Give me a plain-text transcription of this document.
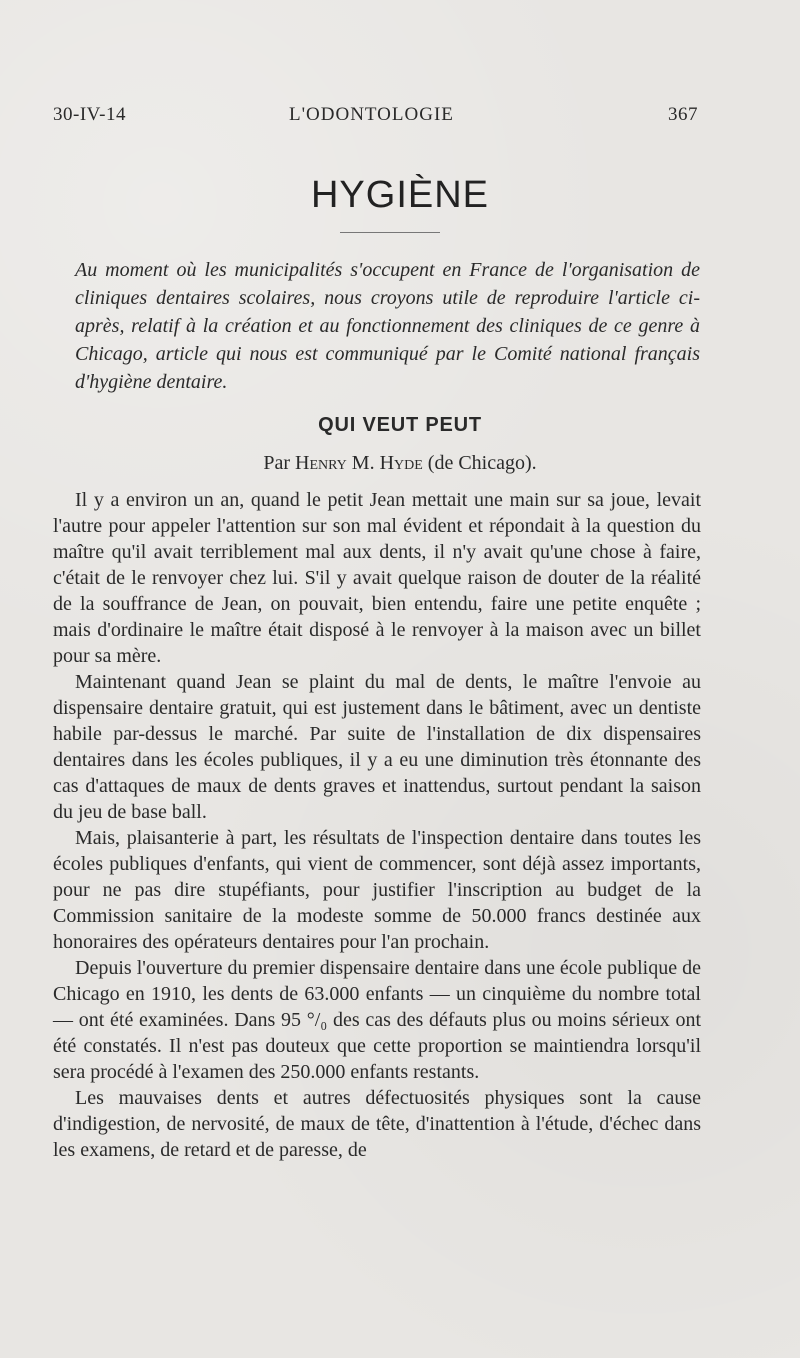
30-IV-14	L'ODONTOLOGIE	367
HYGIÈNE
Au moment où les municipalités s'occupent en France de l'organisation de cliniques dentaires scolaires, nous croyons utile de reproduire l'article ci-après, relatif à la création et au fonctionnement des cliniques de ce genre à Chicago, article qui nous est communiqué par le Comité national français d'hygiène dentaire.
QUI VEUT PEUT
Par Henry M. Hyde (de Chicago).

Il y a environ un an, quand le petit Jean mettait une main sur sa joue, levait l'autre pour appeler l'attention sur son mal évident et répondait à la question du maître qu'il avait terriblement mal aux dents, il n'y avait qu'une chose à faire, c'était de le renvoyer chez lui. S'il y avait quelque raison de douter de la réalité de la souffrance de Jean, on pouvait, bien entendu, faire une petite enquête ; mais d'ordinaire le maître était disposé à le renvoyer à la maison avec un billet pour sa mère.

Maintenant quand Jean se plaint du mal de dents, le maître l'envoie au dispensaire dentaire gratuit, qui est justement dans le bâtiment, avec un dentiste habile par-dessus le marché. Par suite de l'installation de dix dispensaires dentaires dans les écoles publiques, il y a eu une diminution très étonnante des cas d'attaques de maux de dents graves et inattendus, surtout pendant la saison du jeu de base ball.

Mais, plaisanterie à part, les résultats de l'inspection dentaire dans toutes les écoles publiques d'enfants, qui vient de commencer, sont déjà assez importants, pour ne pas dire stupéfiants, pour justifier l'inscription au budget de la Commission sanitaire de la modeste somme de 50.000 francs destinée aux honoraires des opérateurs dentaires pour l'an prochain.

Depuis l'ouverture du premier dispensaire dentaire dans une école publique de Chicago en 1910, les dents de 63.000 enfants — un cinquième du nombre total — ont été examinées. Dans 95 °/₀ des cas des défauts plus ou moins sérieux ont été constatés. Il n'est pas douteux que cette proportion se maintiendra lorsqu'il sera procédé à l'examen des 250.000 enfants restants.

Les mauvaises dents et autres défectuosités physiques sont la cause d'indigestion, de nervosité, de maux de tête, d'inattention à l'étude, d'échec dans les examens, de retard et de paresse, de
